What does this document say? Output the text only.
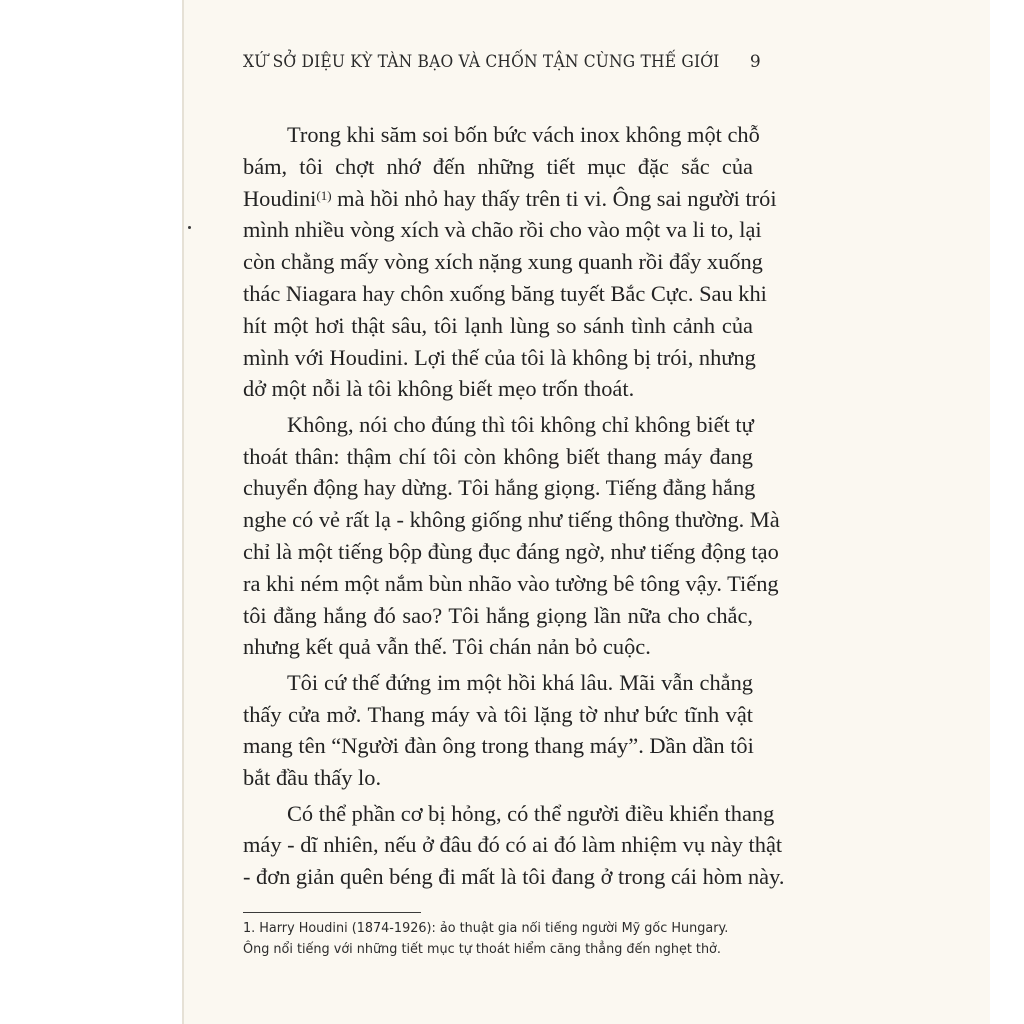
XỨ SỞ DIỆU KỲ TÀN BẠO VÀ CHỐN TẬN CÙNG THẾ GIỚI 9

Trong khi săm soi bốn bức vách inox không một chỗ
bám, tôi chợt nhớ đến những tiết mục đặc sắc của
Houdini$^{(1)}$ mà hồi nhỏ hay thấy trên ti vi. Ông sai người trói
mình nhiều vòng xích và chão rồi cho vào một va li to, lại
còn chằng mấy vòng xích nặng xung quanh rồi đẩy xuống
thác Niagara hay chôn xuống băng tuyết Bắc Cực. Sau khi
hít một hơi thật sâu, tôi lạnh lùng so sánh tình cảnh của
mình với Houdini. Lợi thế của tôi là không bị trói, nhưng
dở một nỗi là tôi không biết mẹo trốn thoát.

Không, nói cho đúng thì tôi không chỉ không biết tự
thoát thân: thậm chí tôi còn không biết thang máy đang
chuyển động hay dừng. Tôi hắng giọng. Tiếng đằng hắng
nghe có vẻ rất lạ - không giống như tiếng thông thường. Mà
chỉ là một tiếng bộp đùng đục đáng ngờ, như tiếng động tạo
ra khi ném một nắm bùn nhão vào tường bê tông vậy. Tiếng
tôi đằng hắng đó sao? Tôi hắng giọng lần nữa cho chắc,
nhưng kết quả vẫn thế. Tôi chán nản bỏ cuộc.

Tôi cứ thế đứng im một hồi khá lâu. Mãi vẫn chẳng
thấy cửa mở. Thang máy và tôi lặng tờ như bức tĩnh vật
mang tên “Người đàn ông trong thang máy”. Dần dần tôi
bắt đầu thấy lo.

Có thể phần cơ bị hỏng, có thể người điều khiển thang
máy - dĩ nhiên, nếu ở đâu đó có ai đó làm nhiệm vụ này thật
- đơn giản quên béng đi mất là tôi đang ở trong cái hòm này.

1. Harry Houdini (1874-1926): ảo thuật gia nổi tiếng người Mỹ gốc Hungary.
Ông nổi tiếng với những tiết mục tự thoát hiểm căng thẳng đến nghẹt thở.
